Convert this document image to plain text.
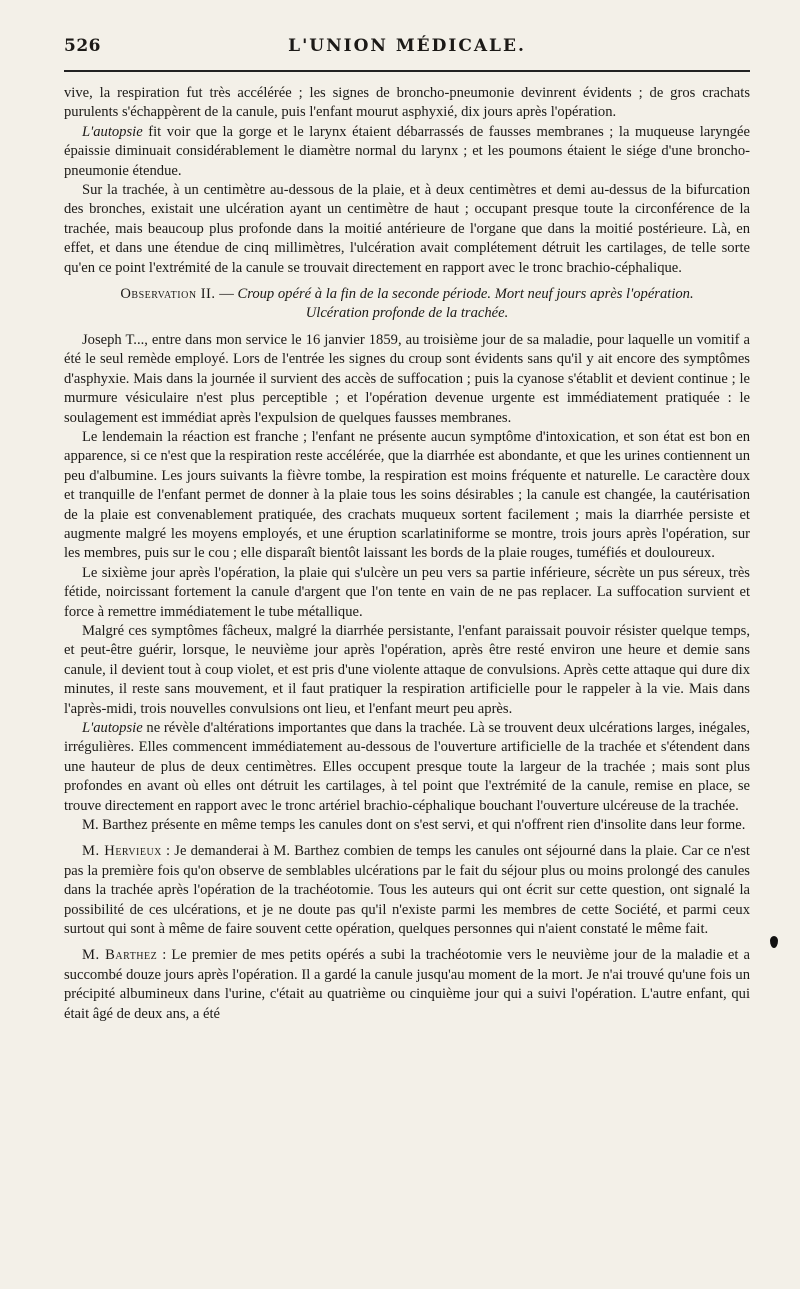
526	L'UNION MÉDICALE.

vive, la respiration fut très accélérée ; les signes de broncho-pneumonie devinrent évidents ; de gros crachats purulents s'échappèrent de la canule, puis l'enfant mourut asphyxié, dix jours après l'opération.

L'autopsie fit voir que la gorge et le larynx étaient débarrassés de fausses membranes ; la muqueuse laryngée épaissie diminuait considérablement le diamètre normal du larynx ; et les poumons étaient le siége d'une broncho-pneumonie étendue.

Sur la trachée, à un centimètre au-dessous de la plaie, et à deux centimètres et demi au-dessus de la bifurcation des bronches, existait une ulcération ayant un centimètre de haut ; occupant presque toute la circonférence de la trachée, mais beaucoup plus profonde dans la moitié antérieure de l'organe que dans la moitié postérieure. Là, en effet, et dans une étendue de cinq millimètres, l'ulcération avait complétement détruit les cartilages, de telle sorte qu'en ce point l'extrémité de la canule se trouvait directement en rapport avec le tronc brachio-céphalique.

Observation II. — Croup opéré à la fin de la seconde période. Mort neuf jours après l'opération.
Ulcération profonde de la trachée.

Joseph T..., entre dans mon service le 16 janvier 1859, au troisième jour de sa maladie, pour laquelle un vomitif a été le seul remède employé. Lors de l'entrée les signes du croup sont évidents sans qu'il y ait encore des symptômes d'asphyxie. Mais dans la journée il survient des accès de suffocation ; puis la cyanose s'établit et devient continue ; le murmure vésiculaire n'est plus perceptible ; et l'opération devenue urgente est immédiatement pratiquée : le soulagement est immédiat après l'expulsion de quelques fausses membranes.

Le lendemain la réaction est franche ; l'enfant ne présente aucun symptôme d'intoxication, et son état est bon en apparence, si ce n'est que la respiration reste accélérée, que la diarrhée est abondante, et que les urines contiennent un peu d'albumine. Les jours suivants la fièvre tombe, la respiration est moins fréquente et naturelle. Le caractère doux et tranquille de l'enfant permet de donner à la plaie tous les soins désirables ; la canule est changée, la cautérisation de la plaie est convenablement pratiquée, des crachats muqueux sortent facilement ; mais la diarrhée persiste et augmente malgré les moyens employés, et une éruption scarlatiniforme se montre, trois jours après l'opération, sur les membres, puis sur le cou ; elle disparaît bientôt laissant les bords de la plaie rouges, tuméfiés et douloureux.

Le sixième jour après l'opération, la plaie qui s'ulcère un peu vers sa partie inférieure, sécrète un pus séreux, très fétide, noircissant fortement la canule d'argent que l'on tente en vain de ne pas replacer. La suffocation survient et force à remettre immédiatement le tube métallique.

Malgré ces symptômes fâcheux, malgré la diarrhée persistante, l'enfant paraissait pouvoir résister quelque temps, et peut-être guérir, lorsque, le neuvième jour après l'opération, après être resté environ une heure et demie sans canule, il devient tout à coup violet, et est pris d'une violente attaque de convulsions. Après cette attaque qui dure dix minutes, il reste sans mouvement, et il faut pratiquer la respiration artificielle pour le rappeler à la vie. Mais dans l'après-midi, trois nouvelles convulsions ont lieu, et l'enfant meurt peu après.

L'autopsie ne révèle d'altérations importantes que dans la trachée. Là se trouvent deux ulcérations larges, inégales, irrégulières. Elles commencent immédiatement au-dessous de l'ouverture artificielle de la trachée et s'étendent dans une hauteur de plus de deux centimètres. Elles occupent presque toute la largeur de la trachée ; mais sont plus profondes en avant où elles ont détruit les cartilages, à tel point que l'extrémité de la canule, remise en place, se trouve directement en rapport avec le tronc artériel brachio-céphalique bouchant l'ouverture ulcéreuse de la trachée.

M. Barthez présente en même temps les canules dont on s'est servi, et qui n'offrent rien d'insolite dans leur forme.

M. Hervieux : Je demanderai à M. Barthez combien de temps les canules ont séjourné dans la plaie. Car ce n'est pas la première fois qu'on observe de semblables ulcérations par le fait du séjour plus ou moins prolongé des canules dans la trachée après l'opération de la trachéotomie. Tous les auteurs qui ont écrit sur cette question, ont signalé la possibilité de ces ulcérations, et je ne doute pas qu'il n'existe parmi les membres de cette Société, et parmi ceux surtout qui sont à même de faire souvent cette opération, quelques personnes qui n'aient constaté le même fait.

M. Barthez : Le premier de mes petits opérés a subi la trachéotomie vers le neuvième jour de la maladie et a succombé douze jours après l'opération. Il a gardé la canule jusqu'au moment de la mort. Je n'ai trouvé qu'une fois un précipité albumineux dans l'urine, c'était au quatrième ou cinquième jour qui a suivi l'opération. L'autre enfant, qui était âgé de deux ans, a été
